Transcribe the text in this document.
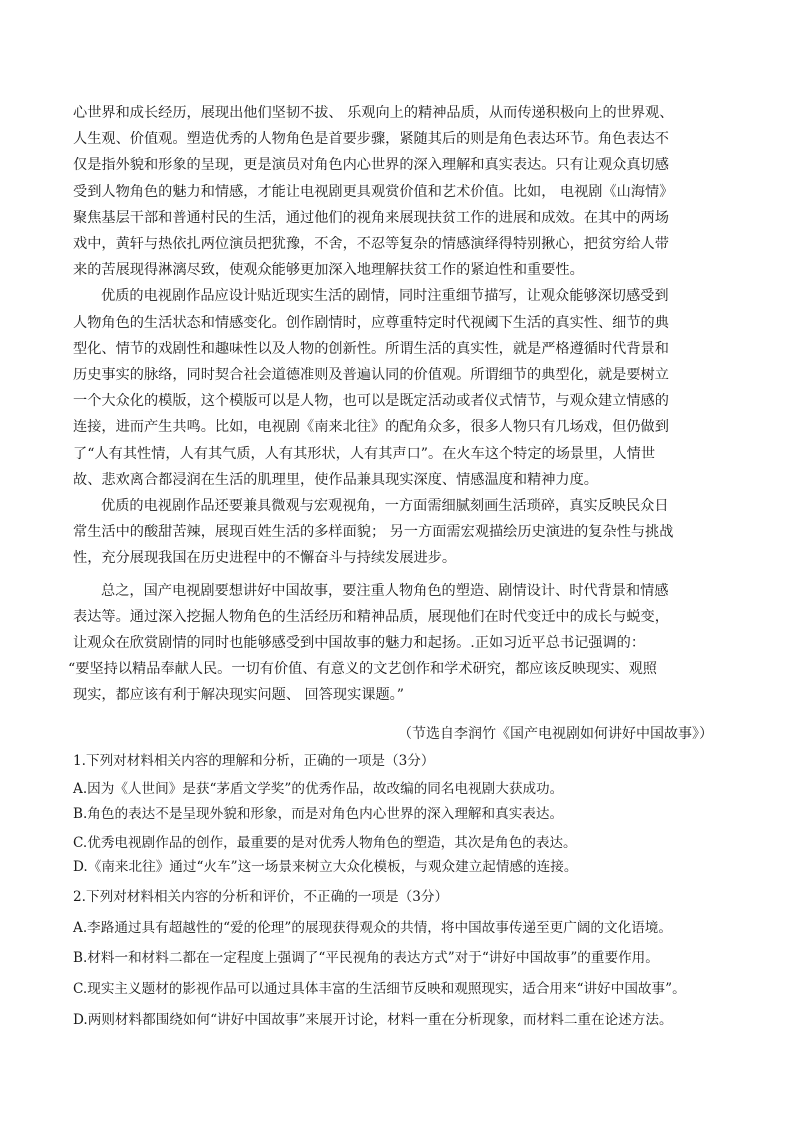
心世界和成长经历，展现出他们坚韧不拔、 乐观向上的精神品质，从而传递积极向上的世界观、
人生观、价值观。塑造优秀的人物角色是首要步骤，紧随其后的则是角色表达环节。角色表达不
仅是指外貌和形象的呈现，更是演员对角色内心世界的深入理解和真实表达。只有让观众真切感
受到人物角色的魅力和情感，才能让电视剧更具观赏价值和艺术价值。比如， 电视剧《山海情》
聚焦基层干部和普通村民的生活，通过他们的视角来展现扶贫工作的进展和成效。在其中的两场
戏中，黄轩与热依扎两位演员把犹豫，不舍，不忍等复杂的情感演绎得特别揪心，把贫穷给人带
来的苦展现得淋漓尽致，使观众能够更加深入地理解扶贫工作的紧迫性和重要性。

优质的电视剧作品应设计贴近现实生活的剧情，同时注重细节描写，让观众能够深切感受到
人物角色的生活状态和情感变化。创作剧情时，应尊重特定时代视阈下生活的真实性、细节的典
型化、情节的戏剧性和趣味性以及人物的创新性。所谓生活的真实性，就是严格遵循时代背景和
历史事实的脉络，同时契合社会道德准则及普遍认同的价值观。所谓细节的典型化，就是要树立
一个大众化的模版，这个模版可以是人物，也可以是既定活动或者仪式情节，与观众建立情感的
连接，进而产生共鸣。比如，电视剧《南来北往》的配角众多，很多人物只有几场戏，但仍做到
了“人有其性情，人有其气质，人有其形状，人有其声口”。在火车这个特定的场景里，人情世
故、悲欢离合都浸润在生活的肌理里，使作品兼具现实深度、情感温度和精神力度。

优质的电视剧作品还要兼具微观与宏观视角，一方面需细腻刻画生活琐碎，真实反映民众日
常生活中的酸甜苦辣，展现百姓生活的多样面貌； 另一方面需宏观描绘历史演进的复杂性与挑战
性，充分展现我国在历史进程中的不懈奋斗与持续发展进步。

总之，国产电视剧要想讲好中国故事，要注重人物角色的塑造、剧情设计、时代背景和情感
表达等。通过深入挖掘人物角色的生活经历和精神品质，展现他们在时代变迁中的成长与蜕变，
让观众在欣赏剧情的同时也能够感受到中国故事的魅力和起扬。.正如习近平总书记强调的：
“要坚持以精品奉献人民。一切有价值、有意义的文艺创作和学术研究，都应该反映现实、观照
现实，都应该有利于解决现实问题、 回答现实课题。”

（节选自李润竹《国产电视剧如何讲好中国故事》）

1.下列对材料相关内容的理解和分析，正确的一项是（3分）

A.因为《人世间》是获“茅盾文学奖”的优秀作品，故改编的同名电视剧大获成功。

B.角色的表达不是呈现外貌和形象，而是对角色内心世界的深入理解和真实表达。

C.优秀电视剧作品的创作，最重要的是对优秀人物角色的塑造，其次是角色的表达。

D.《南来北往》通过“火车”这一场景来树立大众化模板，与观众建立起情感的连接。

2.下列对材料相关内容的分析和评价，不正确的一项是（3分）

A.李路通过具有超越性的“爱的伦理”的展现获得观众的共情，将中国故事传递至更广阔的文化语境。

B.材料一和材料二都在一定程度上强调了“平民视角的表达方式”对于“讲好中国故事”的重要作用。

C.现实主义题材的影视作品可以通过具体丰富的生活细节反映和观照现实，适合用来“讲好中国故事”。

D.两则材料都围绕如何“讲好中国故事”来展开讨论，材料一重在分析现象，而材料二重在论述方法。
